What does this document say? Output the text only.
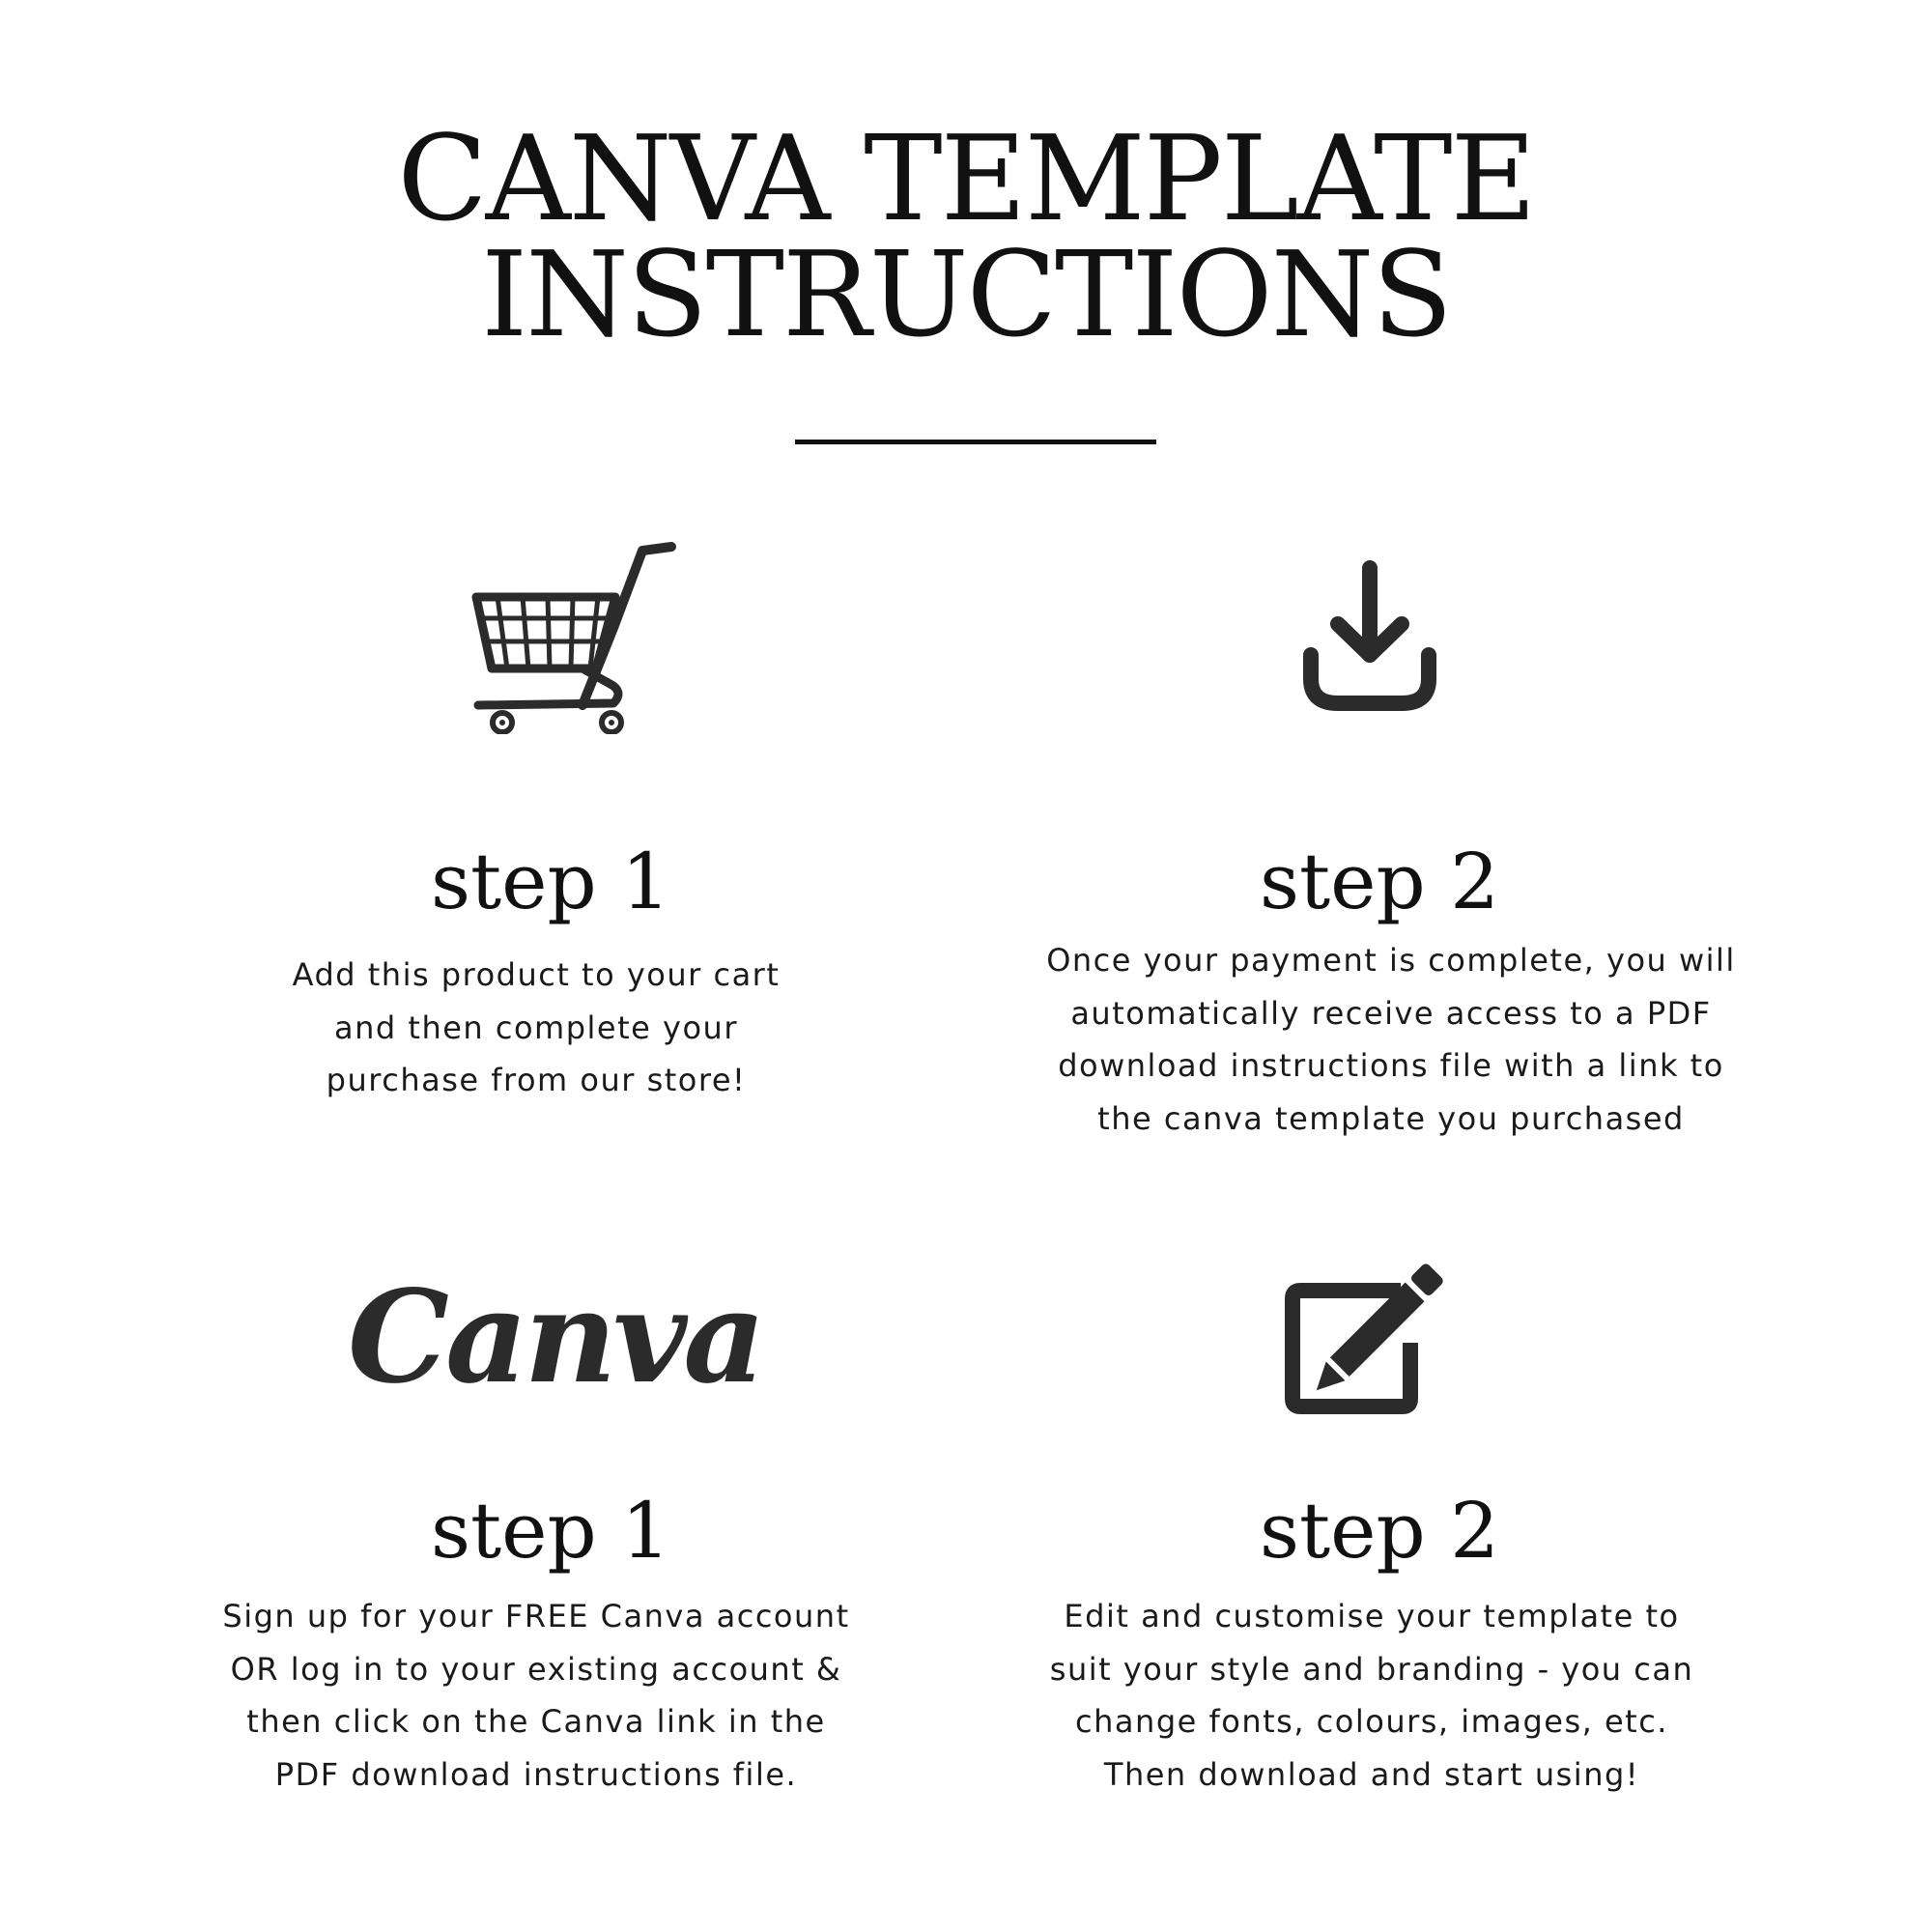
CANVA TEMPLATE
INSTRUCTIONS
step 1
Add this product to your cart
and then complete your
purchase from our store!
step 2
Once your payment is complete, you will
automatically receive access to a PDF
download instructions file with a link to
the canva template you purchased
Canva
step 1
Sign up for your FREE Canva account
OR log in to your existing account &
then click on the Canva link in the
PDF download instructions file.
step 2
Edit and customise your template to
suit your style and branding - you can
change fonts, colours, images, etc.
Then download and start using!
